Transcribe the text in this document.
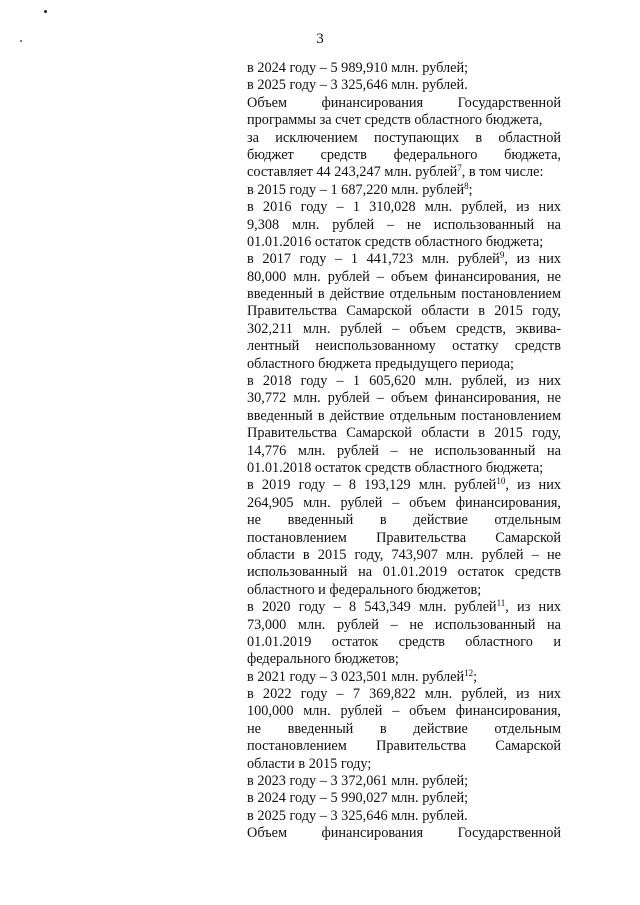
3
в 2024 году – 5 989,910 млн. рублей;
в 2025 году – 3 325,646 млн. рублей.
Объем финансирования Государственной
программы за счет средств областного бюджета,
за исключением поступающих в областной
бюджет средств федерального бюджета,
составляет 44 243,247 млн. рублей$^7$, в том числе:
в 2015 году – 1 687,220 млн. рублей$^8$;
в 2016 году – 1 310,028 млн. рублей, из них
9,308 млн. рублей – не использованный на
01.01.2016 остаток средств областного бюджета;
в 2017 году – 1 441,723 млн. рублей$^9$, из них
80,000 млн. рублей – объем финансирования, не
введенный в действие отдельным постановлением
Правительства Самарской области в 2015 году,
302,211 млн. рублей – объем средств, эквива-
лентный неиспользованному остатку средств
областного бюджета предыдущего периода;
в 2018 году – 1 605,620 млн. рублей, из них
30,772 млн. рублей – объем финансирования, не
введенный в действие отдельным постановлением
Правительства Самарской области в 2015 году,
14,776 млн. рублей – не использованный на
01.01.2018 остаток средств областного бюджета;
в 2019 году – 8 193,129 млн. рублей$^{10}$, из них
264,905 млн. рублей – объем финансирования,
не введенный в действие отдельным
постановлением Правительства Самарской
области в 2015 году, 743,907 млн. рублей – не
использованный на 01.01.2019 остаток средств
областного и федерального бюджетов;
в 2020 году – 8 543,349 млн. рублей$^{11}$, из них
73,000 млн. рублей – не использованный на
01.01.2019 остаток средств областного и
федерального бюджетов;
в 2021 году – 3 023,501 млн. рублей$^{12}$;
в 2022 году – 7 369,822 млн. рублей, из них
100,000 млн. рублей – объем финансирования,
не введенный в действие отдельным
постановлением Правительства Самарской
области в 2015 году;
в 2023 году – 3 372,061 млн. рублей;
в 2024 году – 5 990,027 млн. рублей;
в 2025 году – 3 325,646 млн. рублей.
Объем финансирования Государственной
